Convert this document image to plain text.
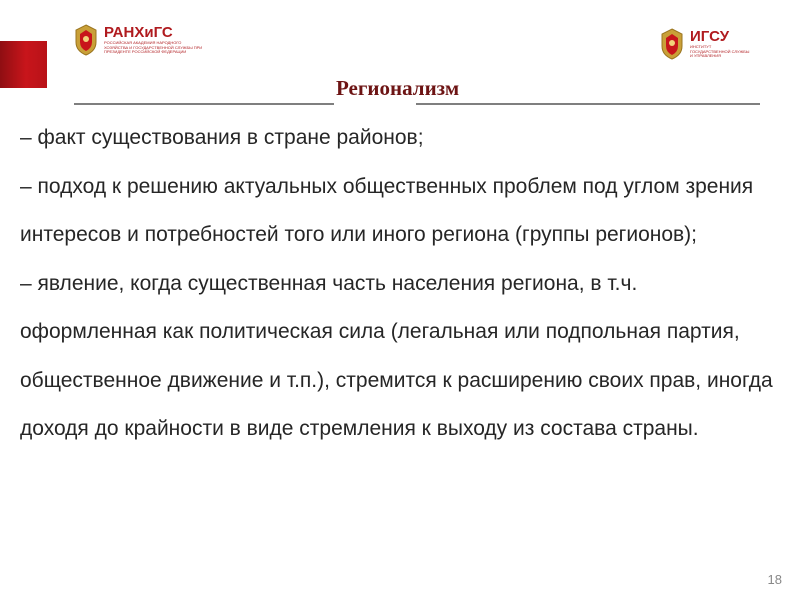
РАНХиГС
РОССИЙСКАЯ АКАДЕМИЯ НАРОДНОГО ХОЗЯЙСТВА И ГОСУДАРСТВЕННОЙ СЛУЖБЫ ПРИ ПРЕЗИДЕНТЕ РОССИЙСКОЙ ФЕДЕРАЦИИ
ИГСУ
ИНСТИТУТ ГОСУДАРСТВЕННОЙ СЛУЖБЫ И УПРАВЛЕНИЯ
Регионализм

– факт существования в стране районов;

– подход к решению актуальных общественных проблем под углом зрения интересов и потребностей того или иного региона (группы регионов);

– явление, когда существенная часть населения региона, в т.ч. оформленная как политическая сила (легальная или подпольная партия, общественное движение и т.п.), стремится к расширению своих прав, иногда доходя до крайности в виде стремления к выходу из состава страны.

18
